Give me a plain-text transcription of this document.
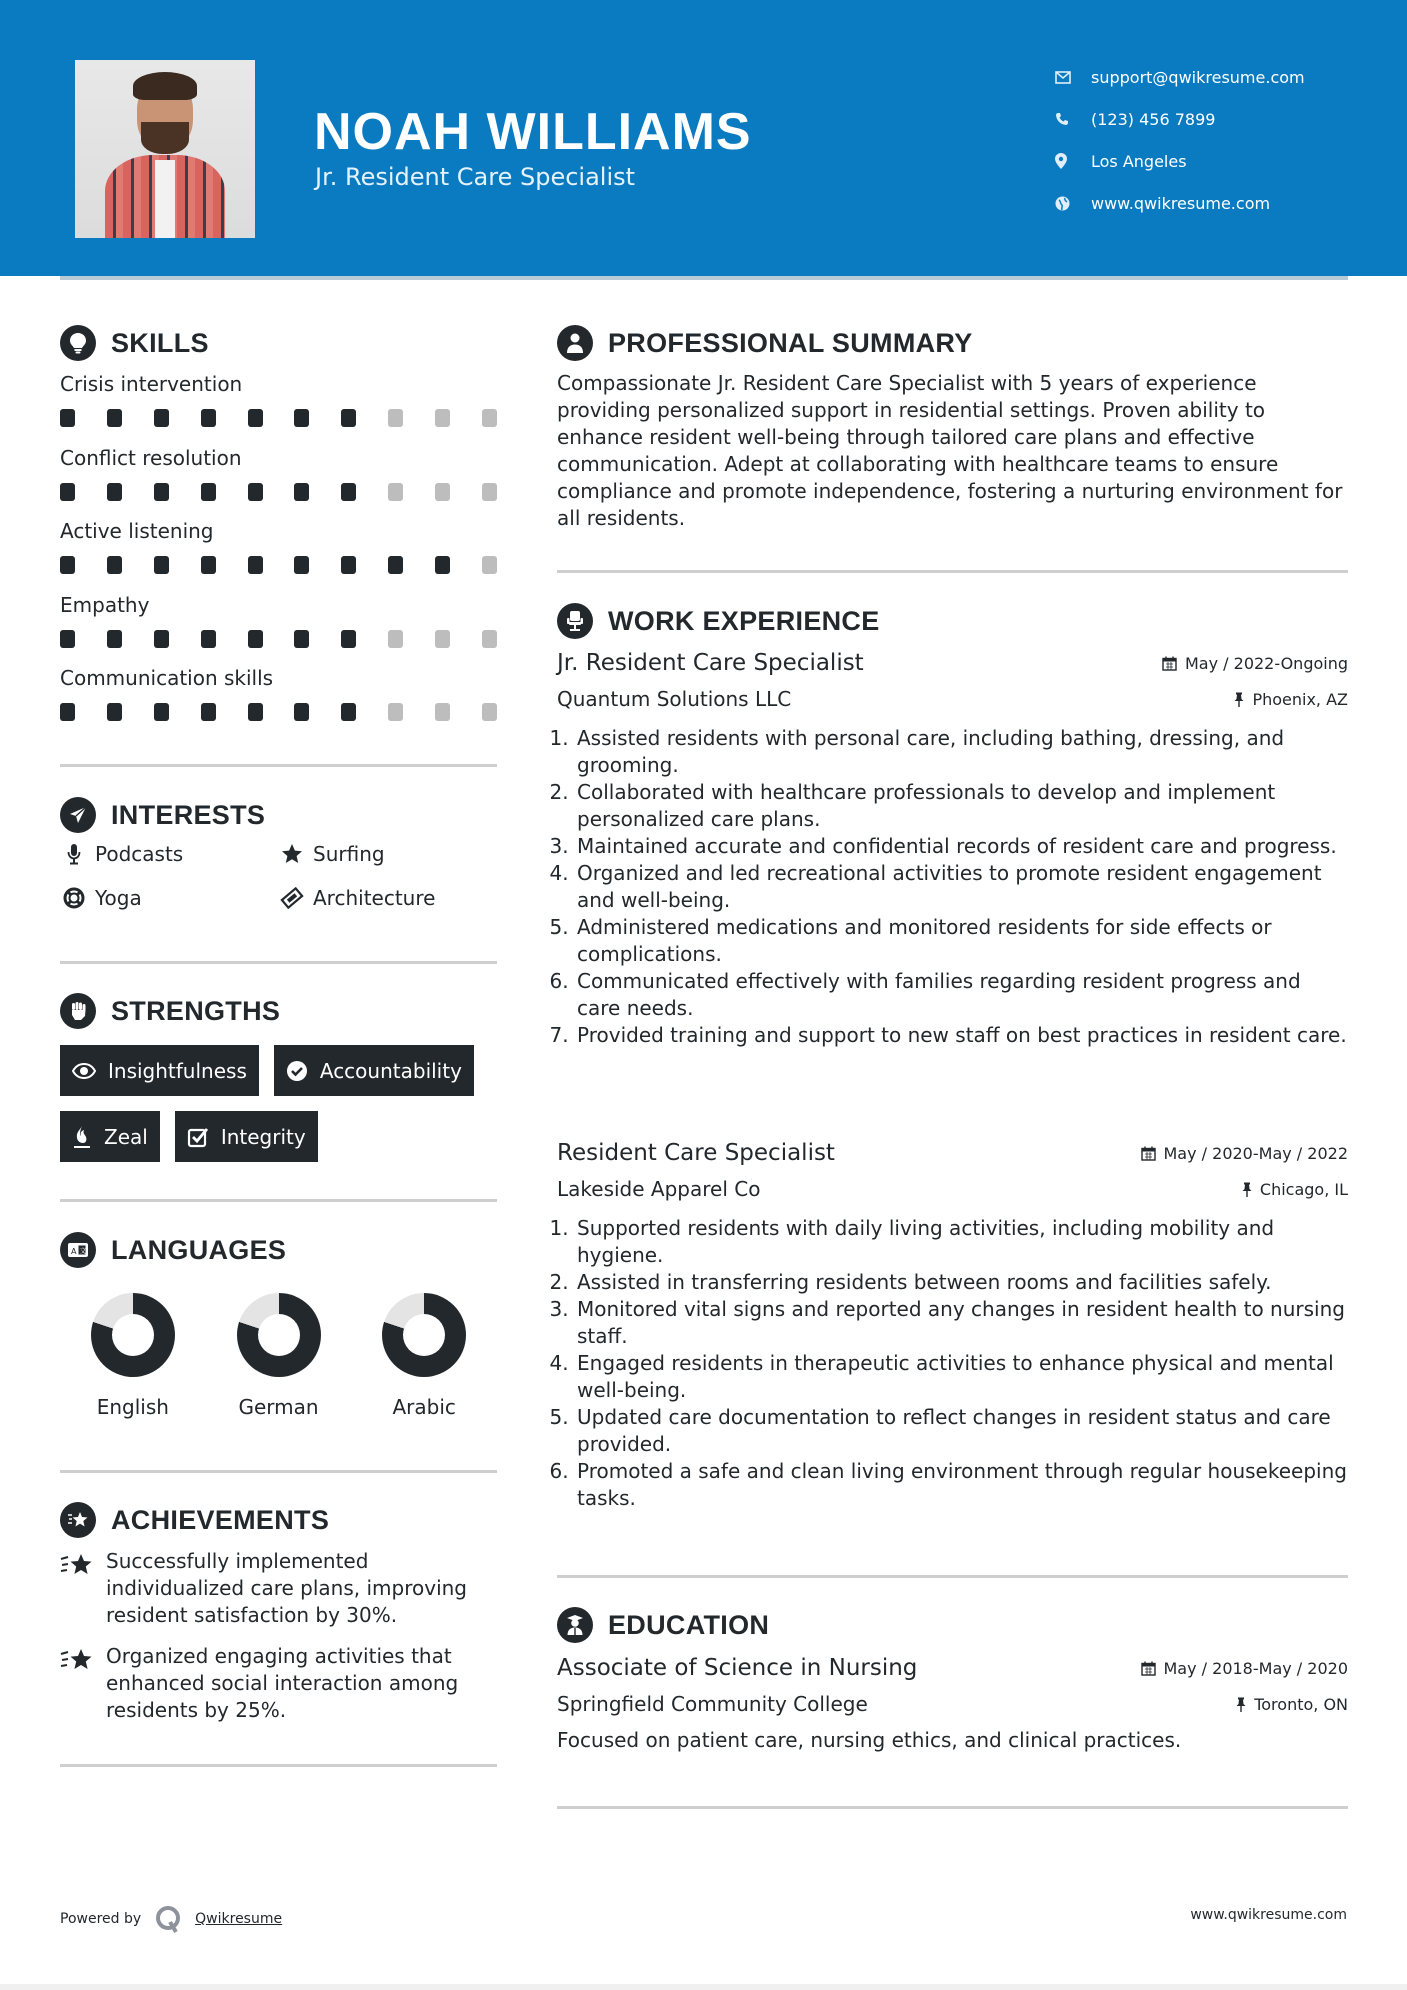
NOAH WILLIAMS
Jr. Resident Care Specialist
support@qwikresume.com
(123) 456 7899
Los Angeles
www.qwikresume.com
SKILLS
Crisis intervention
Conflict resolution
Active listening
Empathy
Communication skills
INTERESTS
Podcasts	Surfing
Yoga	Architecture
STRENGTHS
Insightfulness	Accountability
Zeal	Integrity
A 文 LANGUAGES
English	German	Arabic
ACHIEVEMENTS
Successfully implemented individualized care plans, improving resident satisfaction by 30%.
Organized engaging activities that enhanced social interaction among residents by 25%.
PROFESSIONAL SUMMARY
Compassionate Jr. Resident Care Specialist with 5 years of experience providing personalized support in residential settings. Proven ability to enhance resident well-being through tailored care plans and effective communication. Adept at collaborating with healthcare teams to ensure compliance and promote independence, fostering a nurturing environment for all residents.
WORK EXPERIENCE
Jr. Resident Care Specialist	May / 2022-Ongoing
Quantum Solutions LLC	Phoenix, AZ
1. Assisted residents with personal care, including bathing, dressing, and grooming.
2. Collaborated with healthcare professionals to develop and implement personalized care plans.
3. Maintained accurate and confidential records of resident care and progress.
4. Organized and led recreational activities to promote resident engagement and well-being.
5. Administered medications and monitored residents for side effects or complications.
6. Communicated effectively with families regarding resident progress and care needs.
7. Provided training and support to new staff on best practices in resident care.
Resident Care Specialist	May / 2020-May / 2022
Lakeside Apparel Co	Chicago, IL
1. Supported residents with daily living activities, including mobility and hygiene.
2. Assisted in transferring residents between rooms and facilities safely.
3. Monitored vital signs and reported any changes in resident health to nursing staff.
4. Engaged residents in therapeutic activities to enhance physical and mental well-being.
5. Updated care documentation to reflect changes in resident status and care provided.
6. Promoted a safe and clean living environment through regular housekeeping tasks.
EDUCATION
Associate of Science in Nursing	May / 2018-May / 2020
Springfield Community College	Toronto, ON
Focused on patient care, nursing ethics, and clinical practices.
Powered by	Qwikresume	www.qwikresume.com
